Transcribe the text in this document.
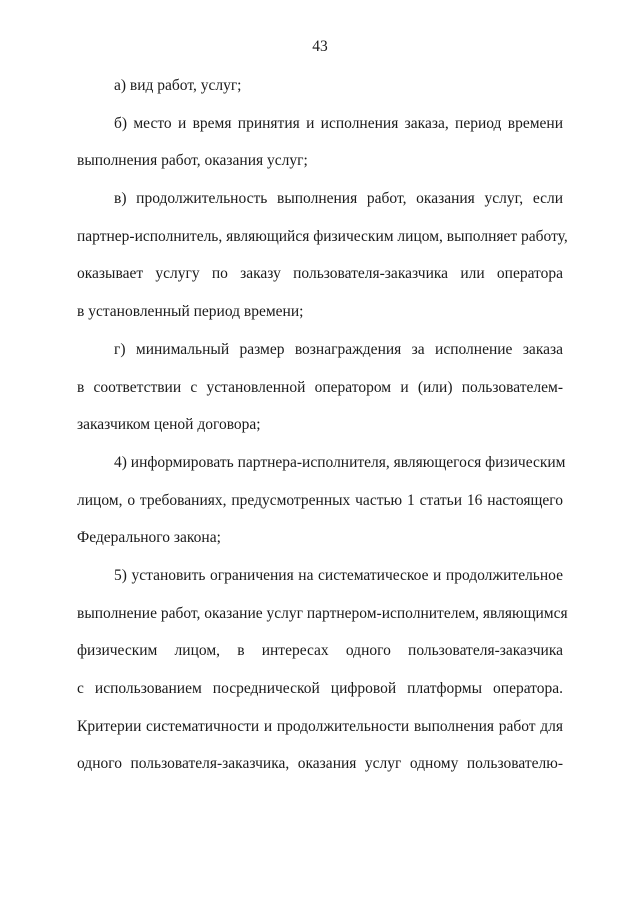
43
а) вид работ, услуг;
б) место и время принятия и исполнения заказа, период времени
выполнения работ, оказания услуг;
в) продолжительность выполнения работ, оказания услуг, если
партнер-исполнитель, являющийся физическим лицом, выполняет работу,
оказывает услугу по заказу пользователя-заказчика или оператора
в установленный период времени;
г) минимальный размер вознаграждения за исполнение заказа
в соответствии с установленной оператором и (или) пользователем-
заказчиком ценой договора;
4) информировать партнера-исполнителя, являющегося физическим
лицом, о требованиях, предусмотренных частью 1 статьи 16 настоящего
Федерального закона;
5) установить ограничения на систематическое и продолжительное
выполнение работ, оказание услуг партнером-исполнителем, являющимся
физическим лицом, в интересах одного пользователя-заказчика
с использованием посреднической цифровой платформы оператора.
Критерии систематичности и продолжительности выполнения работ для
одного пользователя-заказчика, оказания услуг одному пользователю-
